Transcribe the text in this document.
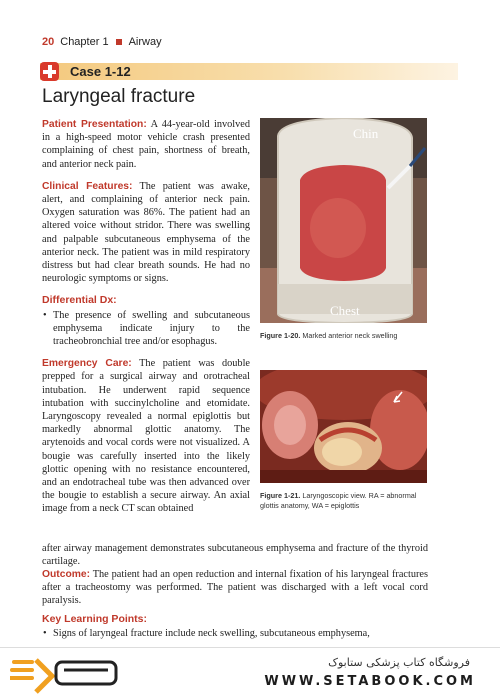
20 Chapter 1 Airway
Case 1-12
Laryngeal fracture

Patient Presentation: A 44-year-old involved in a high-speed motor vehicle crash presented complaining of chest pain, shortness of breath, and anterior neck pain.

Clinical Features: The patient was awake, alert, and complaining of anterior neck pain. Oxygen saturation was 86%. The patient had an altered voice without stridor. There was swelling and palpable subcutaneous emphysema of the anterior neck. The patient was in mild respiratory distress but had clear breath sounds. He had no neurologic symptoms or signs.

Differential Dx:
• The presence of swelling and subcutaneous emphysema indicate injury to the tracheobronchial tree and/or esophagus.

Emergency Care: The patient was double prepped for a surgical airway and orotracheal intubation. He underwent rapid sequence intubation with succinylcholine and etomidate. Laryngoscopy revealed a normal epiglottis but markedly abnormal glottic anatomy. The arytenoids and vocal cords were not visualized. A bougie was carefully inserted into the likely glottic opening with no resistance encountered, and an endotracheal tube was then advanced over the bougie to establish a secure airway. An axial image from a neck CT scan obtained

Chin
Chest
Figure 1-20. Marked anterior neck swelling
Figure 1-21. Laryngoscopic view. RA = abnormal glottis anatomy, WA = epiglottis
after airway management demonstrates subcutaneous emphysema and fracture of the thyroid cartilage.
Outcome: The patient had an open reduction and internal fixation of his laryngeal fractures after a tracheostomy was performed. The patient was discharged with a left vocal cord paralysis.
Key Learning Points:
• Signs of laryngeal fracture include neck swelling, subcutaneous emphysema,
فروشگاه کتاب پزشکی ستابوک
WWW.SETABOOK.COM
